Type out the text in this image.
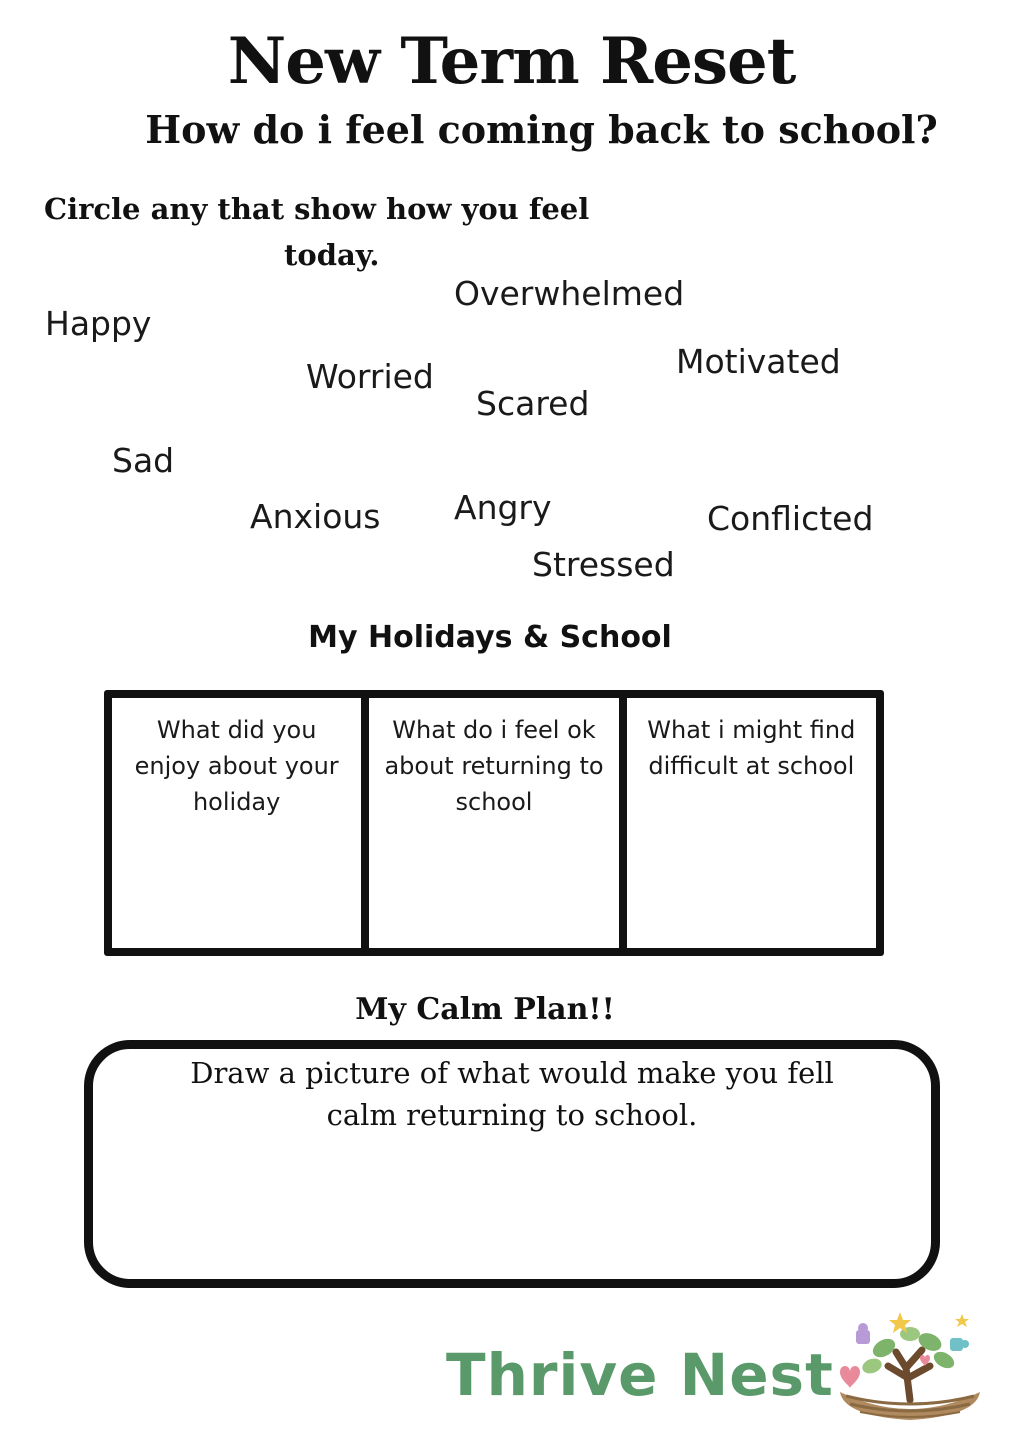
New Term Reset
How do i feel coming back to school?
Circle any that show how you feel
today.
Overwhelmed
Happy
Worried	Motivated
Scared
Sad
Anxious Angry	Conflicted
Stressed
My Holidays & School
What did you enjoy about your holiday
What do i feel ok about returning to school
What i might find difficult at school
My Calm Plan!!
Draw a picture of what would make you fell calm returning to school.
Thrive Nest
